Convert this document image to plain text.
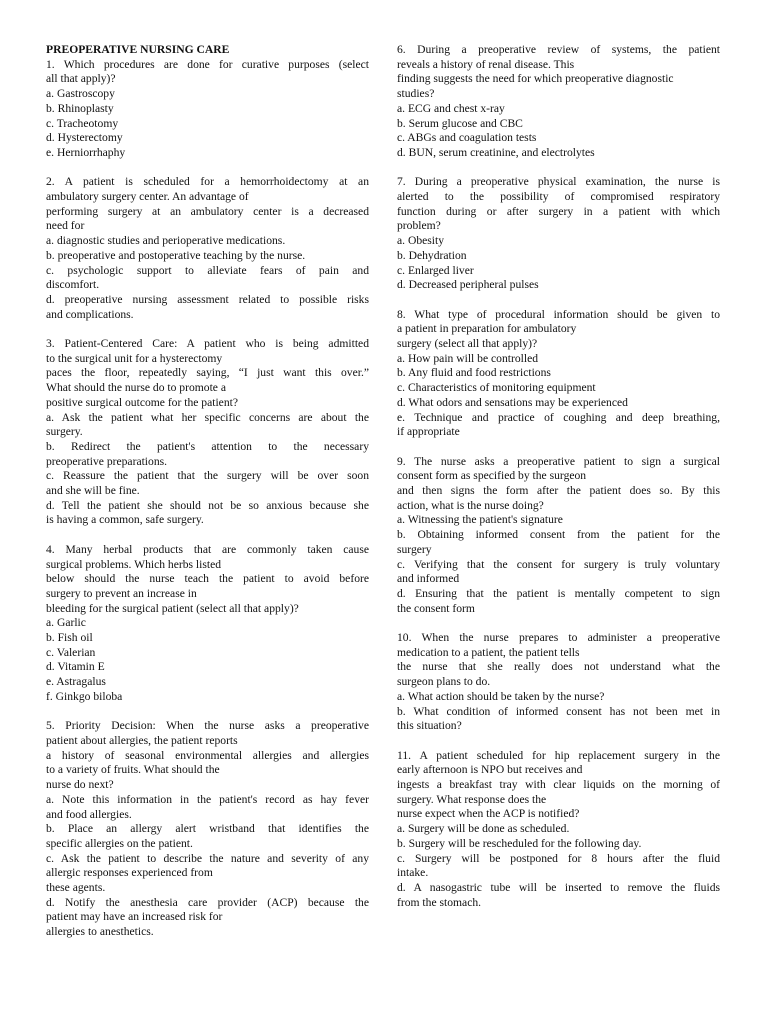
PREOPERATIVE NURSING CARE
1. Which procedures are done for curative purposes (select
all that apply)?
a. Gastroscopy
b. Rhinoplasty
c. Tracheotomy
d. Hysterectomy
e. Herniorrhaphy
2. A patient is scheduled for a hemorrhoidectomy at an
ambulatory surgery center. An advantage of
performing surgery at an ambulatory center is a decreased
need for
a. diagnostic studies and perioperative medications.
b. preoperative and postoperative teaching by the nurse.
c. psychologic support to alleviate fears of pain and
discomfort.
d. preoperative nursing assessment related to possible risks
and complications.
3. Patient-Centered Care: A patient who is being admitted
to the surgical unit for a hysterectomy
paces the floor, repeatedly saying, “I just want this over.”
What should the nurse do to promote a
positive surgical outcome for the patient?
a. Ask the patient what her specific concerns are about the
surgery.
b. Redirect the patient's attention to the necessary
preoperative preparations.
c. Reassure the patient that the surgery will be over soon
and she will be fine.
d. Tell the patient she should not be so anxious because she
is having a common, safe surgery.
4. Many herbal products that are commonly taken cause
surgical problems. Which herbs listed
below should the nurse teach the patient to avoid before
surgery to prevent an increase in
bleeding for the surgical patient (select all that apply)?
a. Garlic
b. Fish oil
c. Valerian
d. Vitamin E
e. Astragalus
f. Ginkgo biloba
5. Priority Decision: When the nurse asks a preoperative
patient about allergies, the patient reports
a history of seasonal environmental allergies and allergies
to a variety of fruits. What should the
nurse do next?
a. Note this information in the patient's record as hay fever
and food allergies.
b. Place an allergy alert wristband that identifies the
specific allergies on the patient.
c. Ask the patient to describe the nature and severity of any
allergic responses experienced from
these agents.
d. Notify the anesthesia care provider (ACP) because the
patient may have an increased risk for
allergies to anesthetics.
6. During a preoperative review of systems, the patient
reveals a history of renal disease. This
finding suggests the need for which preoperative diagnostic
studies?
a. ECG and chest x-ray
b. Serum glucose and CBC
c. ABGs and coagulation tests
d. BUN, serum creatinine, and electrolytes
7. During a preoperative physical examination, the nurse is
alerted to the possibility of compromised respiratory
function during or after surgery in a patient with which
problem?
a. Obesity
b. Dehydration
c. Enlarged liver
d. Decreased peripheral pulses
8. What type of procedural information should be given to
a patient in preparation for ambulatory
surgery (select all that apply)?
a. How pain will be controlled
b. Any fluid and food restrictions
c. Characteristics of monitoring equipment
d. What odors and sensations may be experienced
e. Technique and practice of coughing and deep breathing,
if appropriate
9. The nurse asks a preoperative patient to sign a surgical
consent form as specified by the surgeon
and then signs the form after the patient does so. By this
action, what is the nurse doing?
a. Witnessing the patient's signature
b. Obtaining informed consent from the patient for the
surgery
c. Verifying that the consent for surgery is truly voluntary
and informed
d. Ensuring that the patient is mentally competent to sign
the consent form
10. When the nurse prepares to administer a preoperative
medication to a patient, the patient tells
the nurse that she really does not understand what the
surgeon plans to do.
a. What action should be taken by the nurse?
b. What condition of informed consent has not been met in
this situation?
11. A patient scheduled for hip replacement surgery in the
early afternoon is NPO but receives and
ingests a breakfast tray with clear liquids on the morning of
surgery. What response does the
nurse expect when the ACP is notified?
a. Surgery will be done as scheduled.
b. Surgery will be rescheduled for the following day.
c. Surgery will be postponed for 8 hours after the fluid
intake.
d. A nasogastric tube will be inserted to remove the fluids
from the stomach.
